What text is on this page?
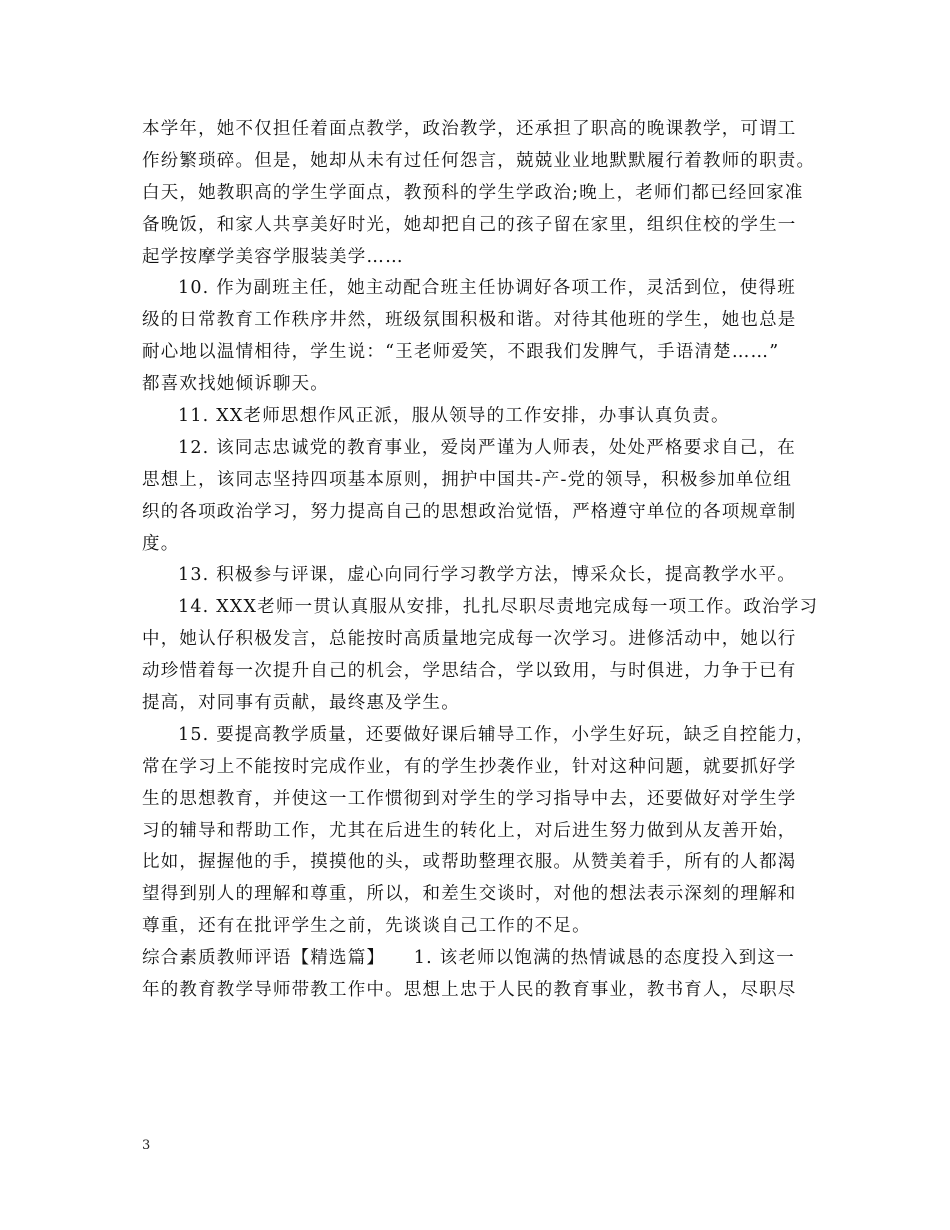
本学年，她不仅担任着面点教学，政治教学，还承担了职高的晚课教学，可谓工
作纷繁琐碎。但是，她却从未有过任何怨言，兢兢业业地默默履行着教师的职责。
白天，她教职高的学生学面点，教预科的学生学政治;晚上，老师们都已经回家准
备晚饭，和家人共享美好时光，她却把自己的孩子留在家里，组织住校的学生一
起学按摩学美容学服装美学……
10. 作为副班主任，她主动配合班主任协调好各项工作，灵活到位，使得班
级的日常教育工作秩序井然，班级氛围积极和谐。对待其他班的学生，她也总是
耐心地以温情相待，学生说：“王老师爱笑，不跟我们发脾气，手语清楚……”
都喜欢找她倾诉聊天。
11. XX老师思想作风正派，服从领导的工作安排，办事认真负责。
12. 该同志忠诚党的教育事业，爱岗严谨为人师表，处处严格要求自己，在
思想上，该同志坚持四项基本原则，拥护中国共-产-党的领导，积极参加单位组
织的各项政治学习，努力提高自己的思想政治觉悟，严格遵守单位的各项规章制
度。
13. 积极参与评课，虚心向同行学习教学方法，博采众长，提高教学水平。
14. XXX老师一贯认真服从安排，扎扎尽职尽责地完成每一项工作。政治学习
中，她认仔积极发言，总能按时高质量地完成每一次学习。进修活动中，她以行
动珍惜着每一次提升自己的机会，学思结合，学以致用，与时俱进，力争于已有
提高，对同事有贡献，最终惠及学生。
15. 要提高教学质量，还要做好课后辅导工作，小学生好玩，缺乏自控能力，
常在学习上不能按时完成作业，有的学生抄袭作业，针对这种问题，就要抓好学
生的思想教育，并使这一工作惯彻到对学生的学习指导中去，还要做好对学生学
习的辅导和帮助工作，尤其在后进生的转化上，对后进生努力做到从友善开始，
比如，握握他的手，摸摸他的头，或帮助整理衣服。从赞美着手，所有的人都渴
望得到别人的理解和尊重，所以，和差生交谈时，对他的想法表示深刻的理解和
尊重，还有在批评学生之前，先谈谈自己工作的不足。
综合素质教师评语【精选篇】　　1. 该老师以饱满的热情诚恳的态度投入到这一
年的教育教学导师带教工作中。思想上忠于人民的教育事业，教书育人，尽职尽
3
